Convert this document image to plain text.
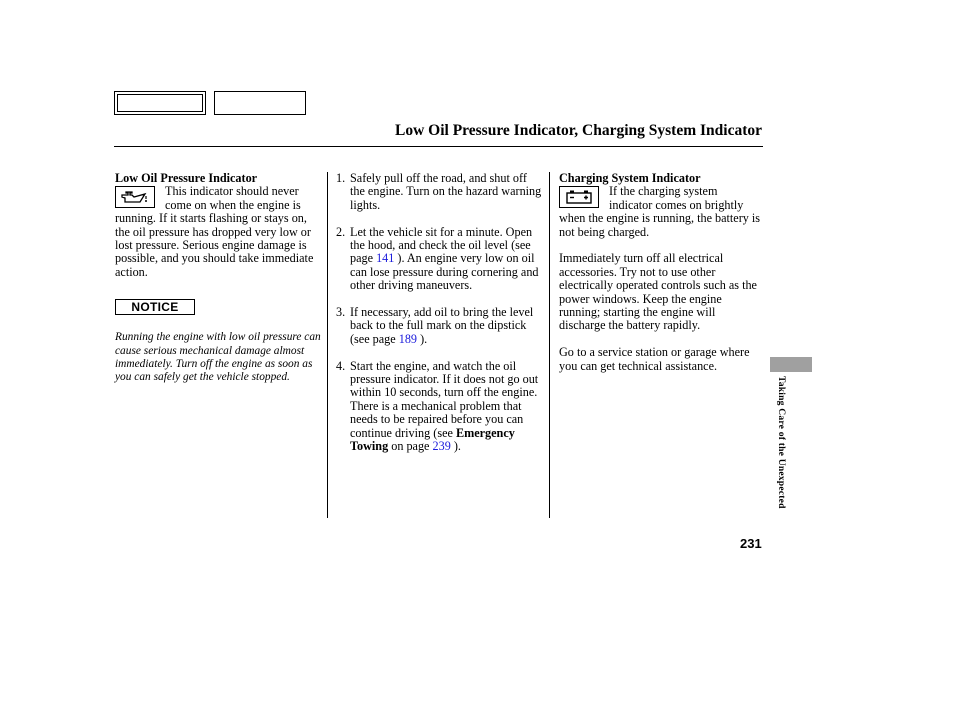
Low Oil Pressure Indicator, Charging System Indicator

Low Oil Pressure Indicator

This indicator should never come on when the engine is running. If it starts flashing or stays on, the oil pressure has dropped very low or lost pressure. Serious engine damage is possible, and you should take immediate action.

NOTICE

Running the engine with low oil pressure can cause serious mechanical damage almost immediately. Turn off the engine as soon as you can safely get the vehicle stopped.

1. Safely pull off the road, and shut off the engine. Turn on the hazard warning lights.
2. Let the vehicle sit for a minute. Open the hood, and check the oil level (see page 141 ). An engine very low on oil can lose pressure during cornering and other driving maneuvers.
3. If necessary, add oil to bring the level back to the full mark on the dipstick (see page 189 ).
4. Start the engine, and watch the oil pressure indicator. If it does not go out within 10 seconds, turn off the engine. There is a mechanical problem that needs to be repaired before you can continue driving (see Emergency Towing on page 239 ).

Charging System Indicator

If the charging system indicator comes on brightly when the engine is running, the battery is not being charged.

Immediately turn off all electrical accessories. Try not to use other electrically operated controls such as the power windows. Keep the engine running; starting the engine will discharge the battery rapidly.

Go to a service station or garage where you can get technical assistance.

Taking Care of the Unexpected
231
